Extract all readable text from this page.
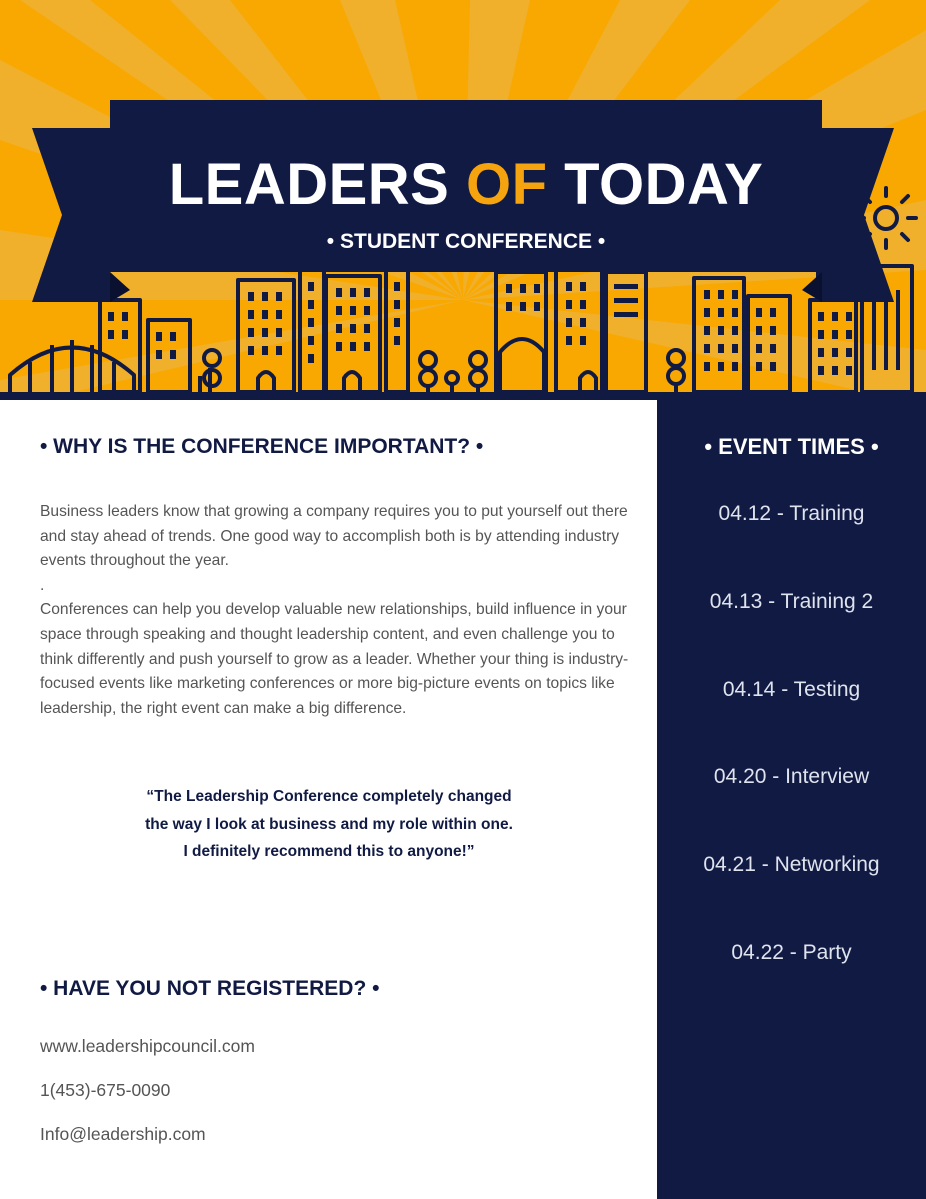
LEADERS OF TODAY
• STUDENT CONFERENCE •
• WHY IS THE CONFERENCE IMPORTANT? •

Business leaders know that growing a company requires you to put yourself out there and stay ahead of trends. One good way to accomplish both is by attending industry events throughout the year.

.

Conferences can help you develop valuable new relationships, build influence in your space through speaking and thought leadership content, and even challenge you to think differently and push yourself to grow as a leader. Whether your thing is industry-focused events like marketing conferences or more big-picture events on topics like leadership, the right event can make a big difference.

“The Leadership Conference completely changed
the way I look at business and my role within one.
I definitely recommend this to anyone!”
• HAVE YOU NOT REGISTERED? •
www.leadershipcouncil.com
1(453)-675-0090
Info@leadership.com
• EVENT TIMES •
04.12 - Training
04.13 - Training 2
04.14 - Testing
04.20 - Interview
04.21 - Networking
04.22 - Party
